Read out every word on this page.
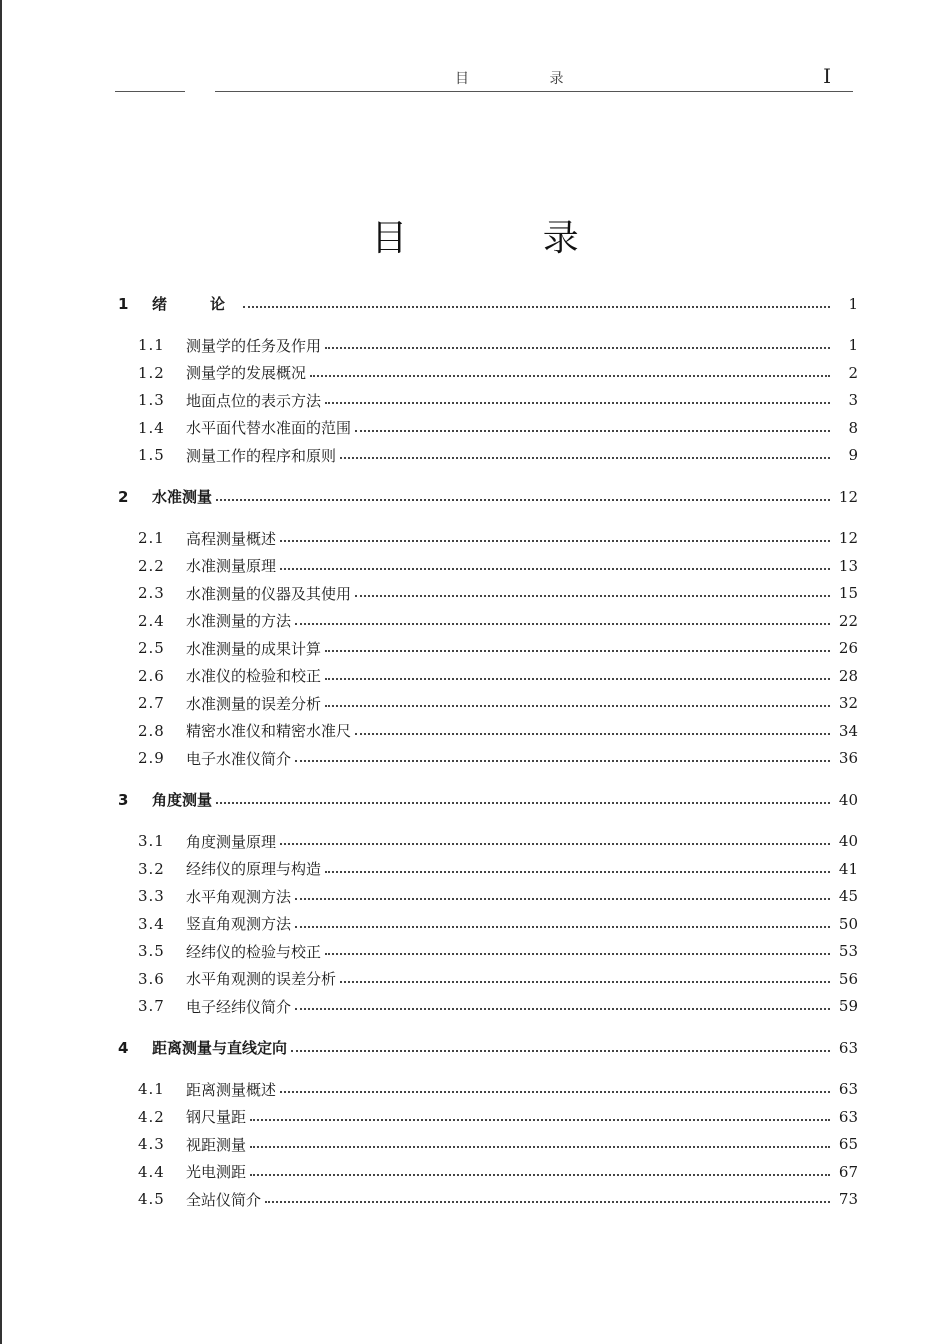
目 录	I
目 录
1	绪　论	1
1.1	测量学的任务及作用	1
1.2	测量学的发展概况	2
1.3	地面点位的表示方法	3
1.4	水平面代替水准面的范围	8
1.5	测量工作的程序和原则	9
2	水准测量	12
2.1	高程测量概述	12
2.2	水准测量原理	13
2.3	水准测量的仪器及其使用	15
2.4	水准测量的方法	22
2.5	水准测量的成果计算	26
2.6	水准仪的检验和校正	28
2.7	水准测量的误差分析	32
2.8	精密水准仪和精密水准尺	34
2.9	电子水准仪简介	36
3	角度测量	40
3.1	角度测量原理	40
3.2	经纬仪的原理与构造	41
3.3	水平角观测方法	45
3.4	竖直角观测方法	50
3.5	经纬仪的检验与校正	53
3.6	水平角观测的误差分析	56
3.7	电子经纬仪简介	59
4	距离测量与直线定向	63
4.1	距离测量概述	63
4.2	钢尺量距	63
4.3	视距测量	65
4.4	光电测距	67
4.5	全站仪简介	73
